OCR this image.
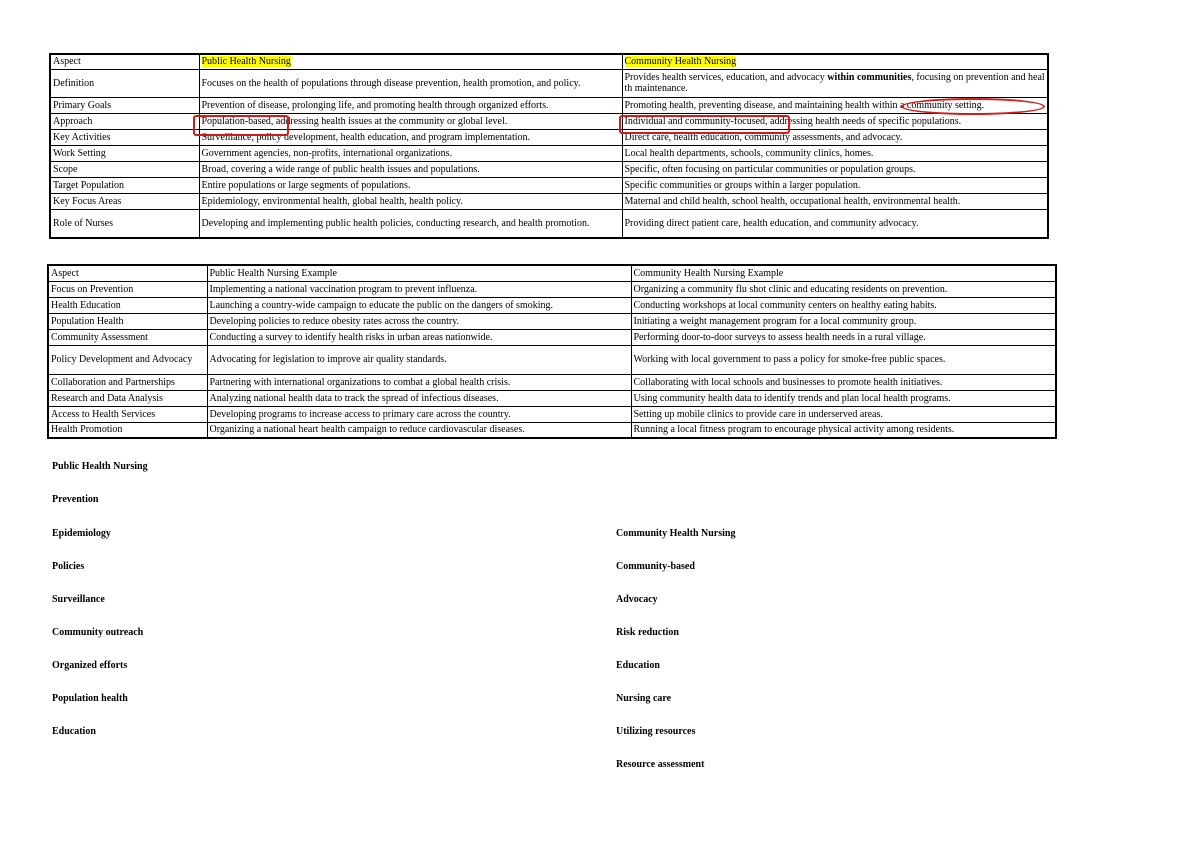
Aspect	Public Health Nursing	Community Health Nursing
Definition	Focuses on the health of populations through disease prevention, health promotion, and policy.	Provides health services, education, and advocacy within communities, focusing on prevention and health maintenance.
Primary Goals	Prevention of disease, prolonging life, and promoting health through organized efforts.	Promoting health, preventing disease, and maintaining health within a community setting.
Approach	Population-based, addressing health issues at the community or global level.	Individual and community-focused, addressing health needs of specific populations.
Key Activities	Surveillance, policy development, health education, and program implementation.	Direct care, health education, community assessments, and advocacy.
Work Setting	Government agencies, non-profits, international organizations.	Local health departments, schools, community clinics, homes.
Scope	Broad, covering a wide range of public health issues and populations.	Specific, often focusing on particular communities or population groups.
Target Population	Entire populations or large segments of populations.	Specific communities or groups within a larger population.
Key Focus Areas	Epidemiology, environmental health, global health, health policy.	Maternal and child health, school health, occupational health, environmental health.
Role of Nurses	Developing and implementing public health policies, conducting research, and health promotion.	Providing direct patient care, health education, and community advocacy.
Aspect	Public Health Nursing Example	Community Health Nursing Example
Focus on Prevention	Implementing a national vaccination program to prevent influenza.	Organizing a community flu shot clinic and educating residents on prevention.
Health Education	Launching a country-wide campaign to educate the public on the dangers of smoking.	Conducting workshops at local community centers on healthy eating habits.
Population Health	Developing policies to reduce obesity rates across the country.	Initiating a weight management program for a local community group.
Community Assessment	Conducting a survey to identify health risks in urban areas nationwide.	Performing door-to-door surveys to assess health needs in a rural village.
Policy Development and Advocacy	Advocating for legislation to improve air quality standards.	Working with local government to pass a policy for smoke-free public spaces.
Collaboration and Partnerships	Partnering with international organizations to combat a global health crisis.	Collaborating with local schools and businesses to promote health initiatives.
Research and Data Analysis	Analyzing national health data to track the spread of infectious diseases.	Using community health data to identify trends and plan local health programs.
Access to Health Services	Developing programs to increase access to primary care across the country.	Setting up mobile clinics to provide care in underserved areas.
Health Promotion	Organizing a national heart health campaign to reduce cardiovascular diseases.	Running a local fitness program to encourage physical activity among residents.
Public Health Nursing
Prevention
Epidemiology
Policies
Surveillance
Community outreach
Organized efforts
Population health
Education
Community Health Nursing
Community-based
Advocacy
Risk reduction
Education
Nursing care
Utilizing resources
Resource assessment
